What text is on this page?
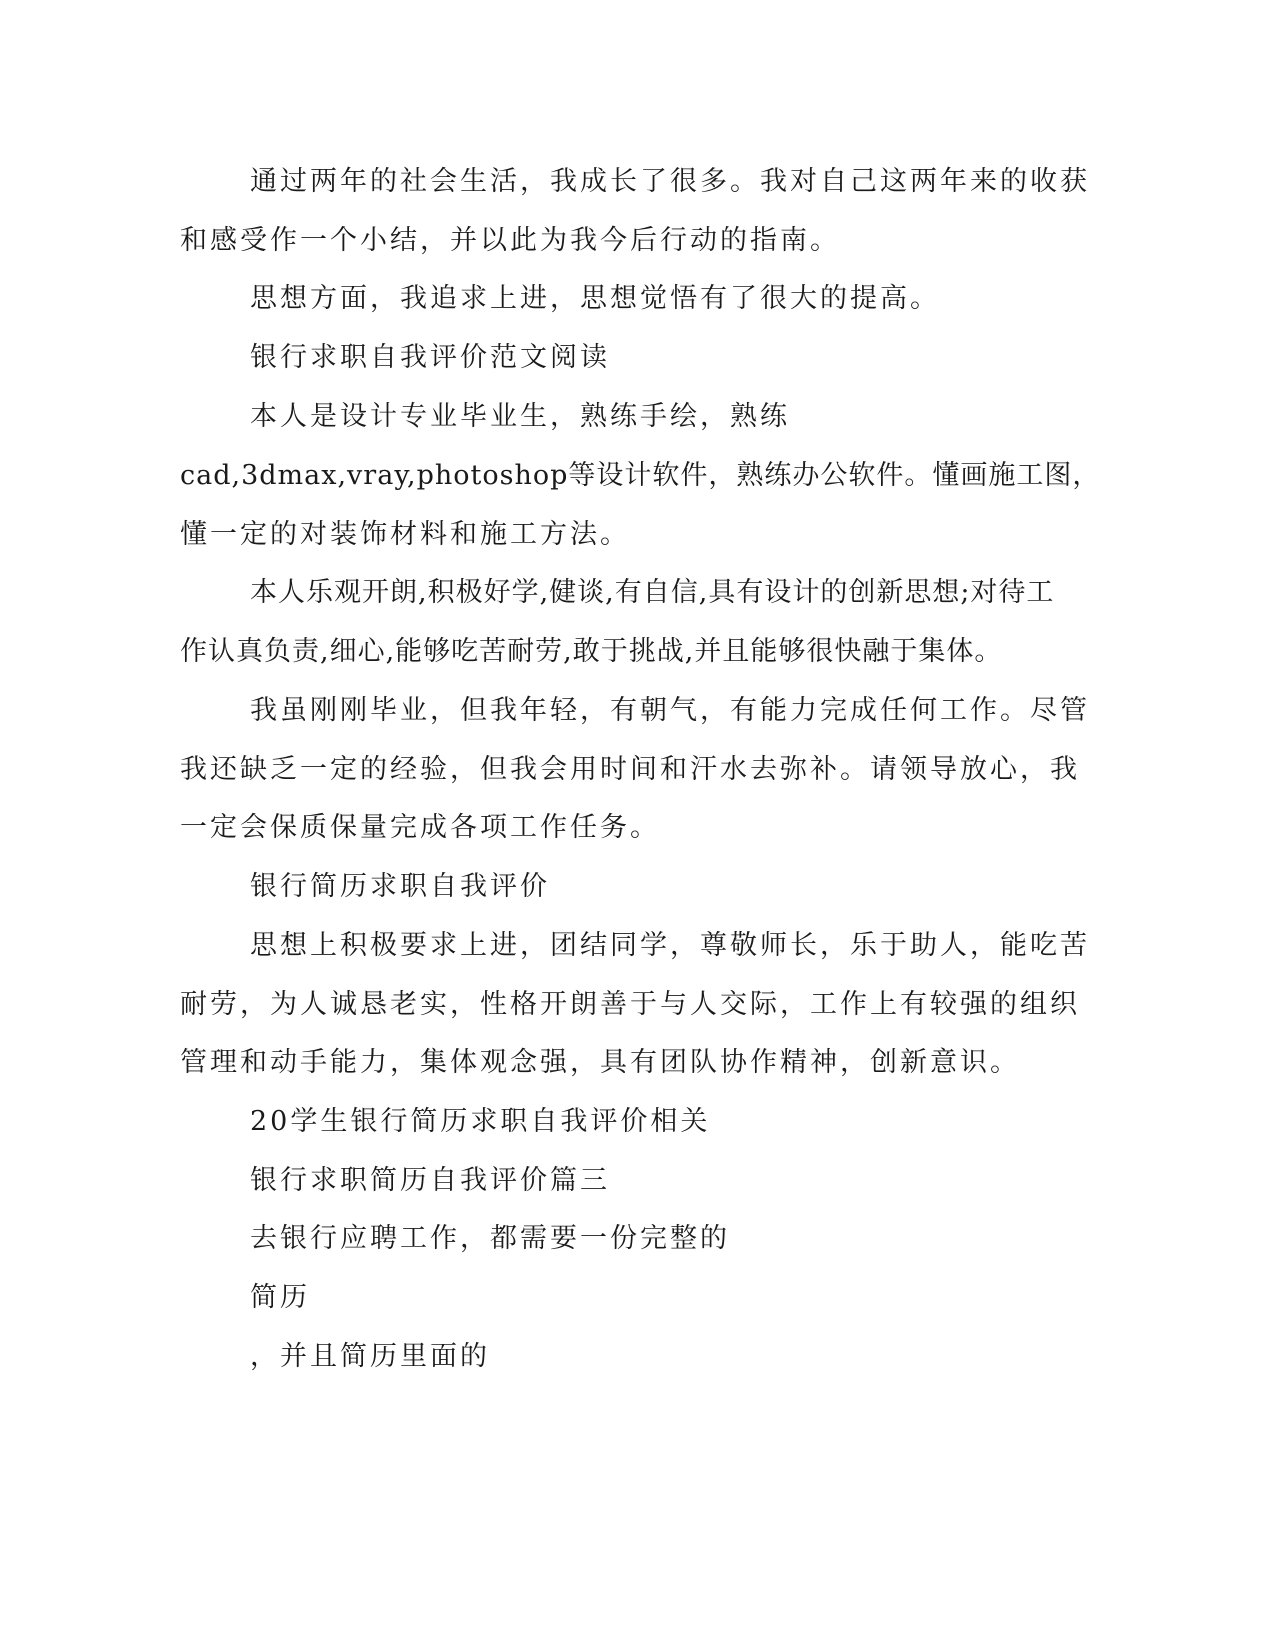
通过两年的社会生活，我成长了很多。我对自己这两年来的收获
和感受作一个小结，并以此为我今后行动的指南。
思想方面，我追求上进，思想觉悟有了很大的提高。
银行求职自我评价范文阅读
本人是设计专业毕业生，熟练手绘，熟练
cad,3dmax,vray,photoshop等设计软件，熟练办公软件。懂画施工图，
懂一定的对装饰材料和施工方法。
本人乐观开朗,积极好学,健谈,有自信,具有设计的创新思想;对待工
作认真负责,细心,能够吃苦耐劳,敢于挑战,并且能够很快融于集体。
我虽刚刚毕业，但我年轻，有朝气，有能力完成任何工作。尽管
我还缺乏一定的经验，但我会用时间和汗水去弥补。请领导放心，我
一定会保质保量完成各项工作任务。
银行简历求职自我评价
思想上积极要求上进，团结同学，尊敬师长，乐于助人，能吃苦
耐劳，为人诚恳老实，性格开朗善于与人交际，工作上有较强的组织
管理和动手能力，集体观念强，具有团队协作精神，创新意识。
20学生银行简历求职自我评价相关
银行求职简历自我评价篇三
去银行应聘工作，都需要一份完整的
简历
，并且简历里面的
